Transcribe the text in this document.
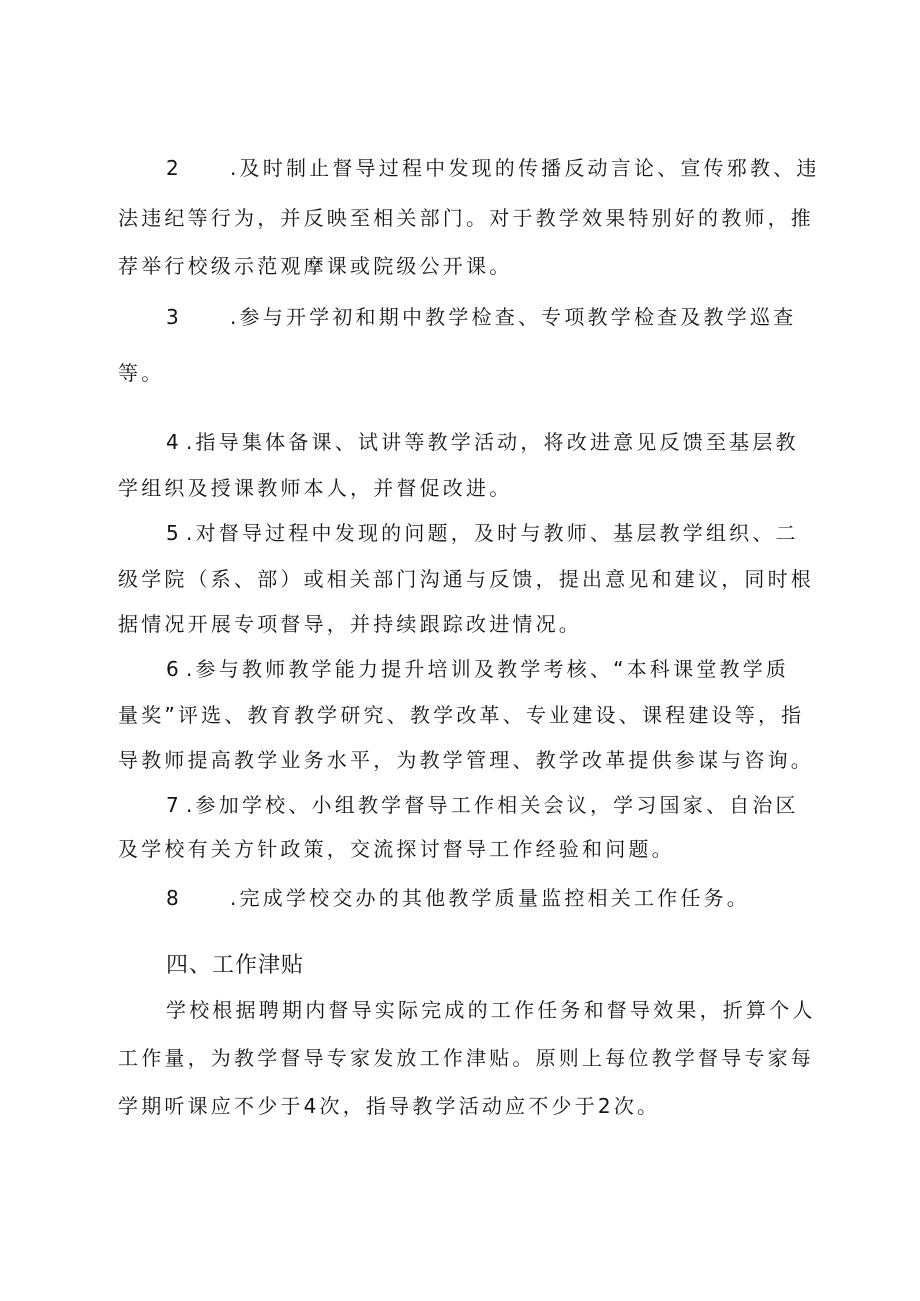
2	.及时制止督导过程中发现的传播反动言论、宣传邪教、违
法违纪等行为，并反映至相关部门。对于教学效果特别好的教师，推
荐举行校级示范观摩课或院级公开课。
3	.参与开学初和期中教学检查、专项教学检查及教学巡查
等。
4 .指导集体备课、试讲等教学活动，将改进意见反馈至基层教
学组织及授课教师本人，并督促改进。
5 .对督导过程中发现的问题，及时与教师、基层教学组织、二
级学院（系、部）或相关部门沟通与反馈，提出意见和建议，同时根
据情况开展专项督导，并持续跟踪改进情况。
6 .参与教师教学能力提升培训及教学考核、“本科课堂教学质
量奖”评选、教育教学研究、教学改革、专业建设、课程建设等，指
导教师提高教学业务水平，为教学管理、教学改革提供参谋与咨询。
7 .参加学校、小组教学督导工作相关会议，学习国家、自治区
及学校有关方针政策，交流探讨督导工作经验和问题。
8	.完成学校交办的其他教学质量监控相关工作任务。
四、工作津贴
学校根据聘期内督导实际完成的工作任务和督导效果，折算个人
工作量，为教学督导专家发放工作津贴。原则上每位教学督导专家每
学期听课应不少于4次，指导教学活动应不少于2次。
